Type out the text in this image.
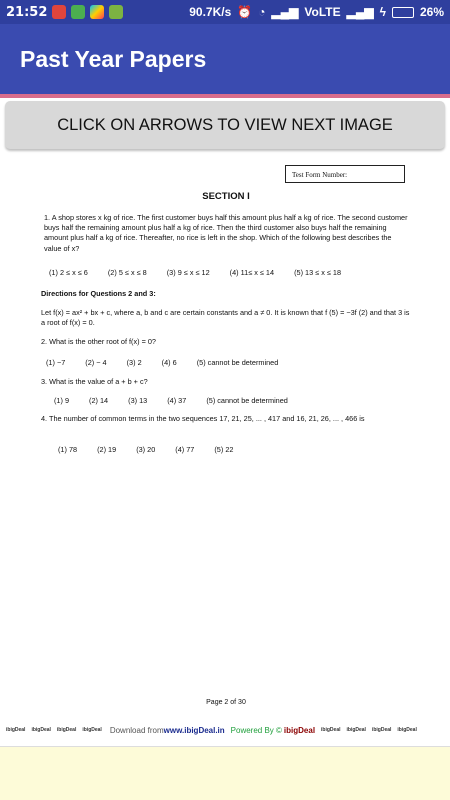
21:52	90.7K/s ⏰ ◔ ▂▄▆ VoLTE ▂▄▆ ϟ	26%
Past Year Papers
CLICK ON ARROWS TO VIEW NEXT IMAGE
Test Form Number:
SECTION I
1. A shop stores x kg of rice. The first customer buys half this amount plus half a kg of rice. The second customer buys half the remaining amount plus half a kg of rice. Then the third customer also buys half the remaining amount plus half a kg of rice. Thereafter, no rice is left in the shop. Which of the following best describes the value of x?
(1) 2 ≤ x ≤ 6	(2) 5 ≤ x ≤ 8	(3) 9 ≤ x ≤ 12	(4) 11≤ x ≤ 14	(5) 13 ≤ x ≤ 18
Directions for Questions 2 and 3:
Let f(x) = ax² + bx + c, where a, b and c are certain constants and a ≠ 0. It is known that f (5) = −3f (2) and that 3 is a root of f(x) = 0.
2. What is the other root of f(x) = 0?
(1) −7	(2) − 4	(3) 2	(4) 6	(5) cannot be determined
3. What is the value of a + b + c?
(1) 9	(2) 14	(3) 13	(4) 37	(5) cannot be determined
4. The number of common terms in the two sequences 17, 21, 25, ... , 417 and 16, 21, 26, ... , 466 is
(1) 78	(2) 19	(3) 20	(4) 77	(5) 22
Page 2 of 30
ibigDeal ibigDeal ibigDeal ibigDeal Download from www.ibigDeal.in Powered By © ibigDeal ibigDeal ibigDeal ibigDeal ibigDeal
